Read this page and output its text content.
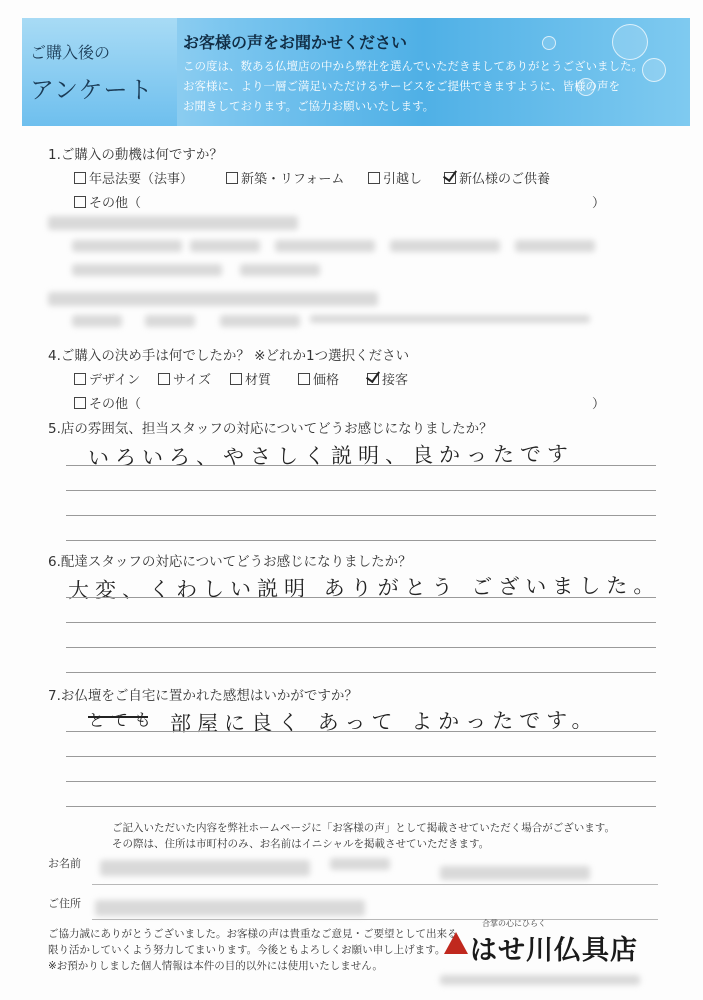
ご購入後の
アンケート
お客様の声をお聞かせください
この度は、数ある仏壇店の中から弊社を選んでいただきましてありがとうございました。
お客様に、より一層ご満足いただけるサービスをご提供できますように、皆様の声を
お聞きしております。ご協力お願いいたします。
1.ご購入の動機は何ですか？
年忌法要（法事）	新築・リフォーム	引越し	新仏様のご供養
その他（	）
4.ご購入の決め手は何でしたか？ ※どれか1つ選択ください
デザイン	サイズ	材質	価格	接客
その他（	）
5.店の雰囲気、担当スタッフの対応についてどうお感じになりましたか？
いろいろ、やさしく説明、良かったです
6.配達スタッフの対応についてどうお感じになりましたか？
大変、くわしい説明 ありがとう ございました。
7.お仏壇をご自宅に置かれた感想はいかがですか？
とても 部屋に良く あって よかったです。
ご記入いただいた内容を弊社ホームページに「お客様の声」として掲載させていただく場合がございます。
その際は、住所は市町村のみ、お名前はイニシャルを掲載させていただきます。
お名前
ご住所
ご協力誠にありがとうございました。お客様の声は貴重なご意見・ご要望として出来る
限り活かしていくよう努力してまいります。今後ともよろしくお願い申し上げます。
※お預かりしました個人情報は本件の目的以外には使用いたしません。
合掌の心にひらく
はせ川仏具店
